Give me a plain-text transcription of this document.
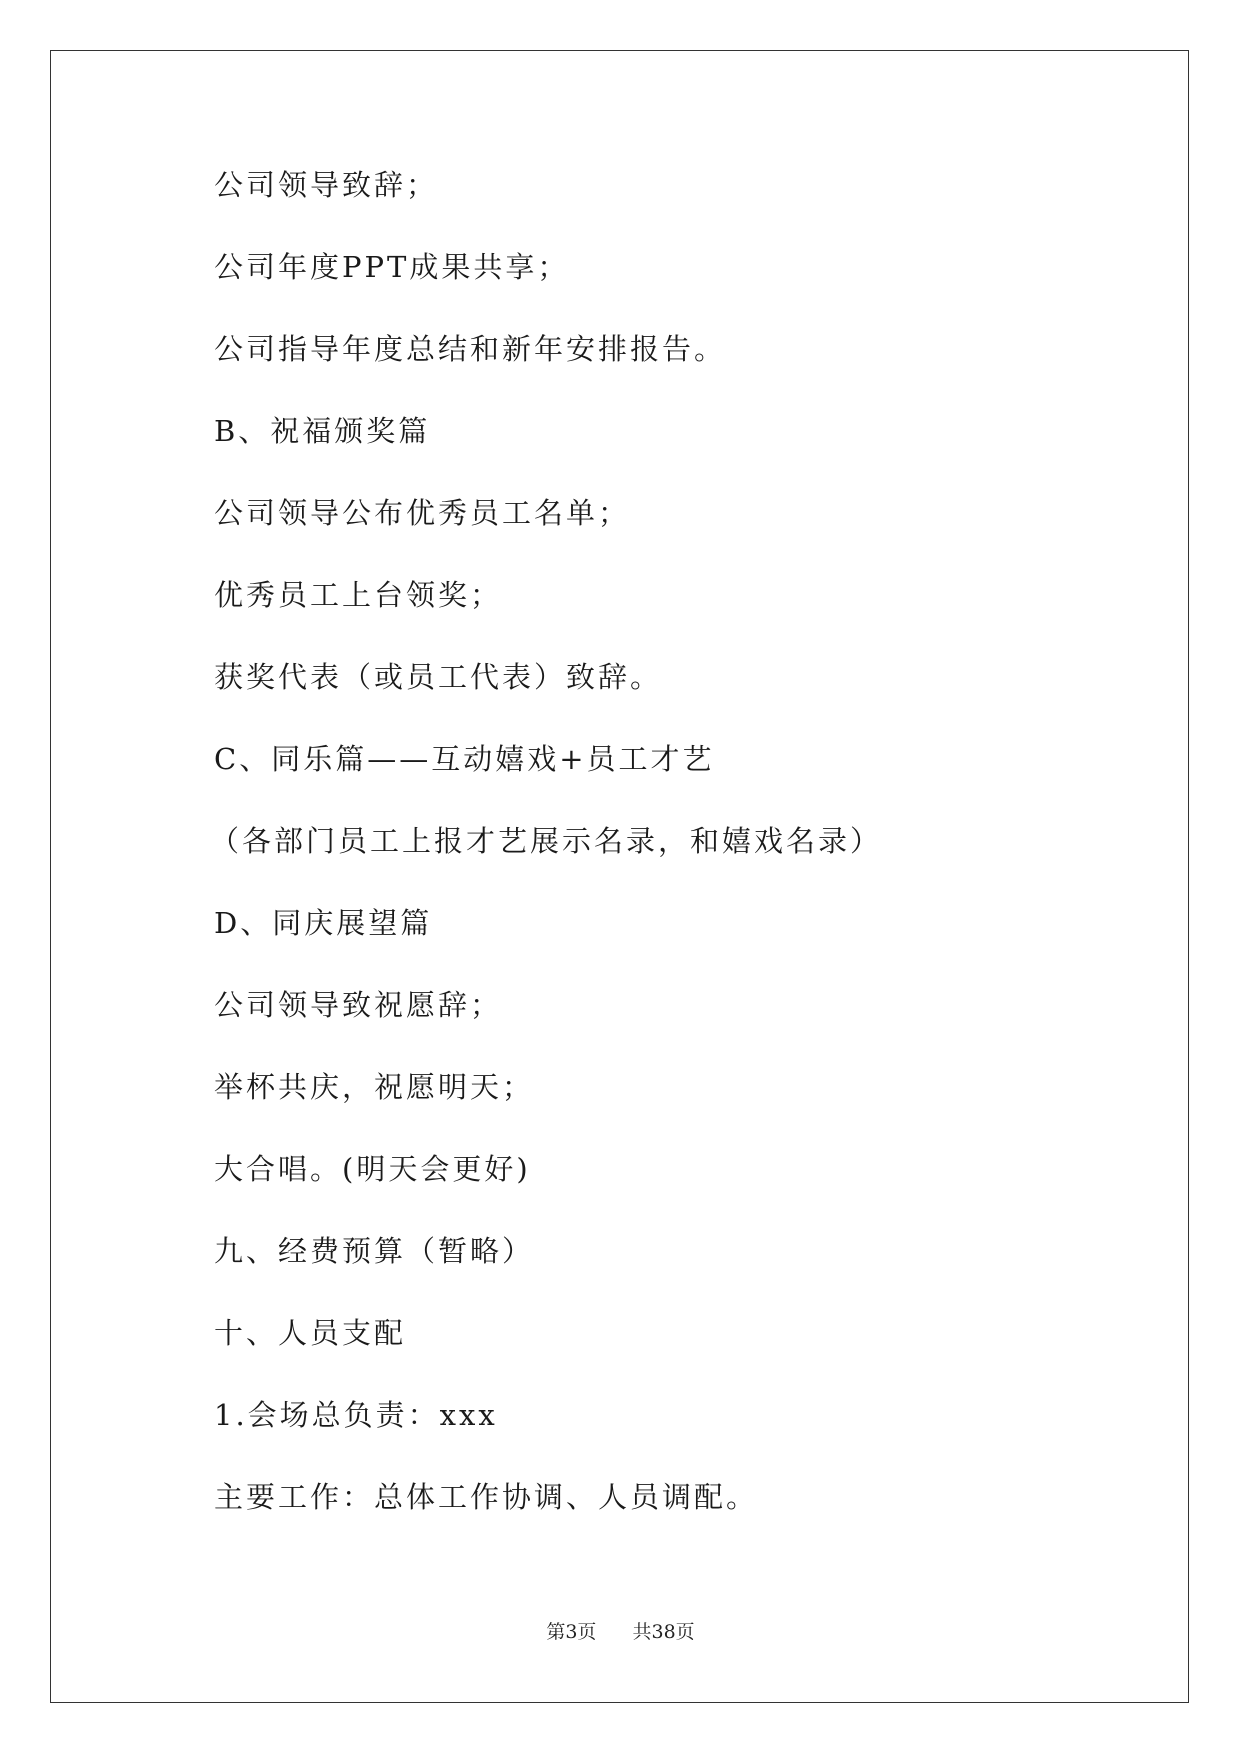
公司领导致辞；
公司年度PPT成果共享；
公司指导年度总结和新年安排报告。
B、祝福颁奖篇
公司领导公布优秀员工名单；
优秀员工上台领奖；
获奖代表（或员工代表）致辞。
C、同乐篇——互动嬉戏+员工才艺
（各部门员工上报才艺展示名录，和嬉戏名录）
D、同庆展望篇
公司领导致祝愿辞；
举杯共庆，祝愿明天；
大合唱。(明天会更好)
九、经费预算（暂略）
十、人员支配
1.会场总负责：xxx
主要工作：总体工作协调、人员调配。
第3页 共38页
